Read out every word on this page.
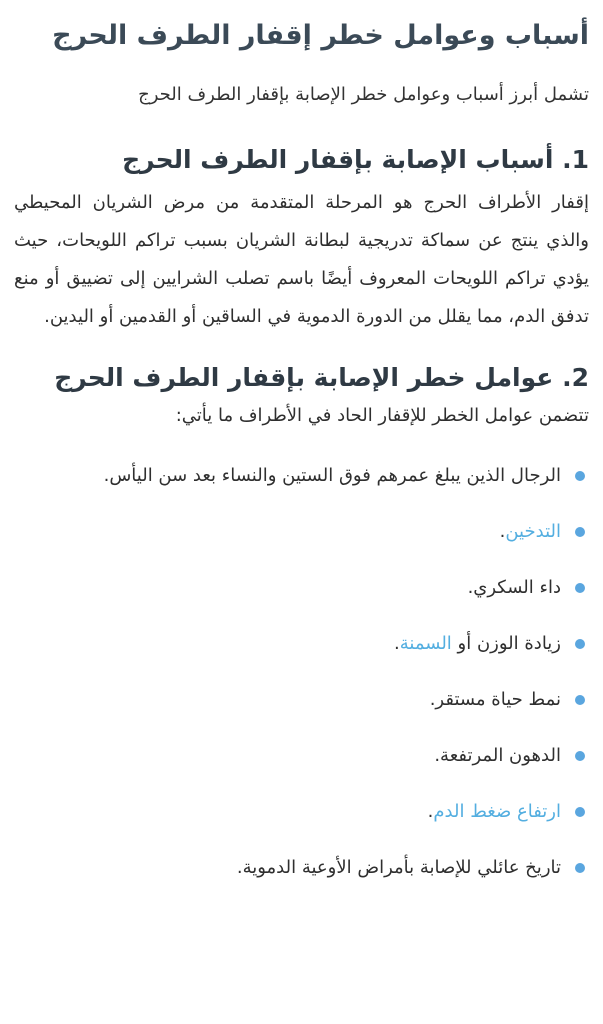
أسباب وعوامل خطر إقفار الطرف الحرج

تشمل أبرز أسباب وعوامل خطر الإصابة بإقفار الطرف الحرج

1. أسباب الإصابة بإقفار الطرف الحرج

إقفار الأطراف الحرج هو المرحلة المتقدمة من مرض الشريان المحيطي والذي ينتج عن سماكة تدريجية لبطانة الشريان بسبب تراكم اللويحات، حيث يؤدي تراكم اللويحات المعروف أيضًا باسم تصلب الشرايين إلى تضييق أو منع تدفق الدم، مما يقلل من الدورة الدموية في الساقين أو القدمين أو اليدين.

2. عوامل خطر الإصابة بإقفار الطرف الحرج

تتضمن عوامل الخطر للإقفار الحاد في الأطراف ما يأتي:

الرجال الذين يبلغ عمرهم فوق الستين والنساء بعد سن اليأس.
التدخين.
داء السكري.
زيادة الوزن أو السمنة.
نمط حياة مستقر.
الدهون المرتفعة.
ارتفاع ضغط الدم.
تاريخ عائلي للإصابة بأمراض الأوعية الدموية.
